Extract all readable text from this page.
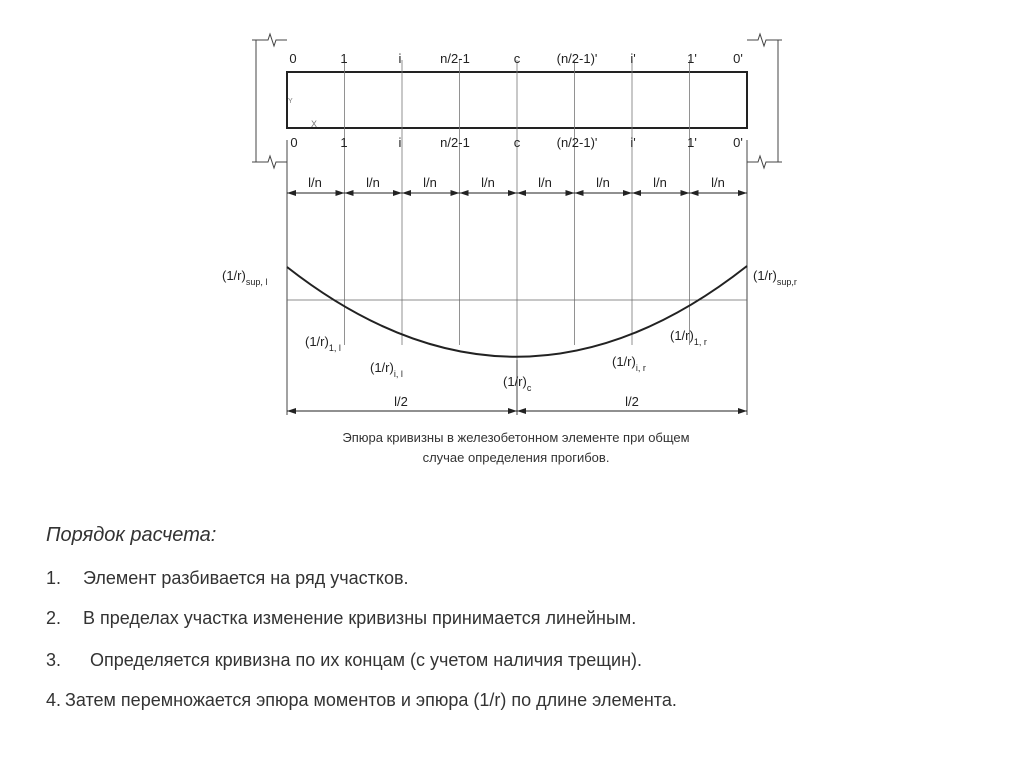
Y
X
0	1	i	n/2-1	c	(n/2-1)'	i'	1'	0'
0	1	i	n/2-1	c	(n/2-1)'	i'	1'	0'
l/n	l/n	l/n	l/n	l/n	l/n	l/n	l/n
$(1/r)_{sup, l}$	$(1/r)_{sup,r}$
$(1/r)_{1, l}$
$(1/r)_{1, r}$
$(1/r)_{i, l}$
$(1/r)_{i, r}$
$(1/r)_c$
l/2	l/2
Эпюра кривизны в железобетонном элементе при общем
случае определения прогибов.
Порядок расчета:
1. Элемент разбивается на ряд участков.
2. В пределах участка изменение кривизны принимается линейным.
3. Определяется кривизна по их концам (с учетом наличия трещин).
4. Затем перемножается эпюра моментов и эпюра (1/r) по длине элемента.
